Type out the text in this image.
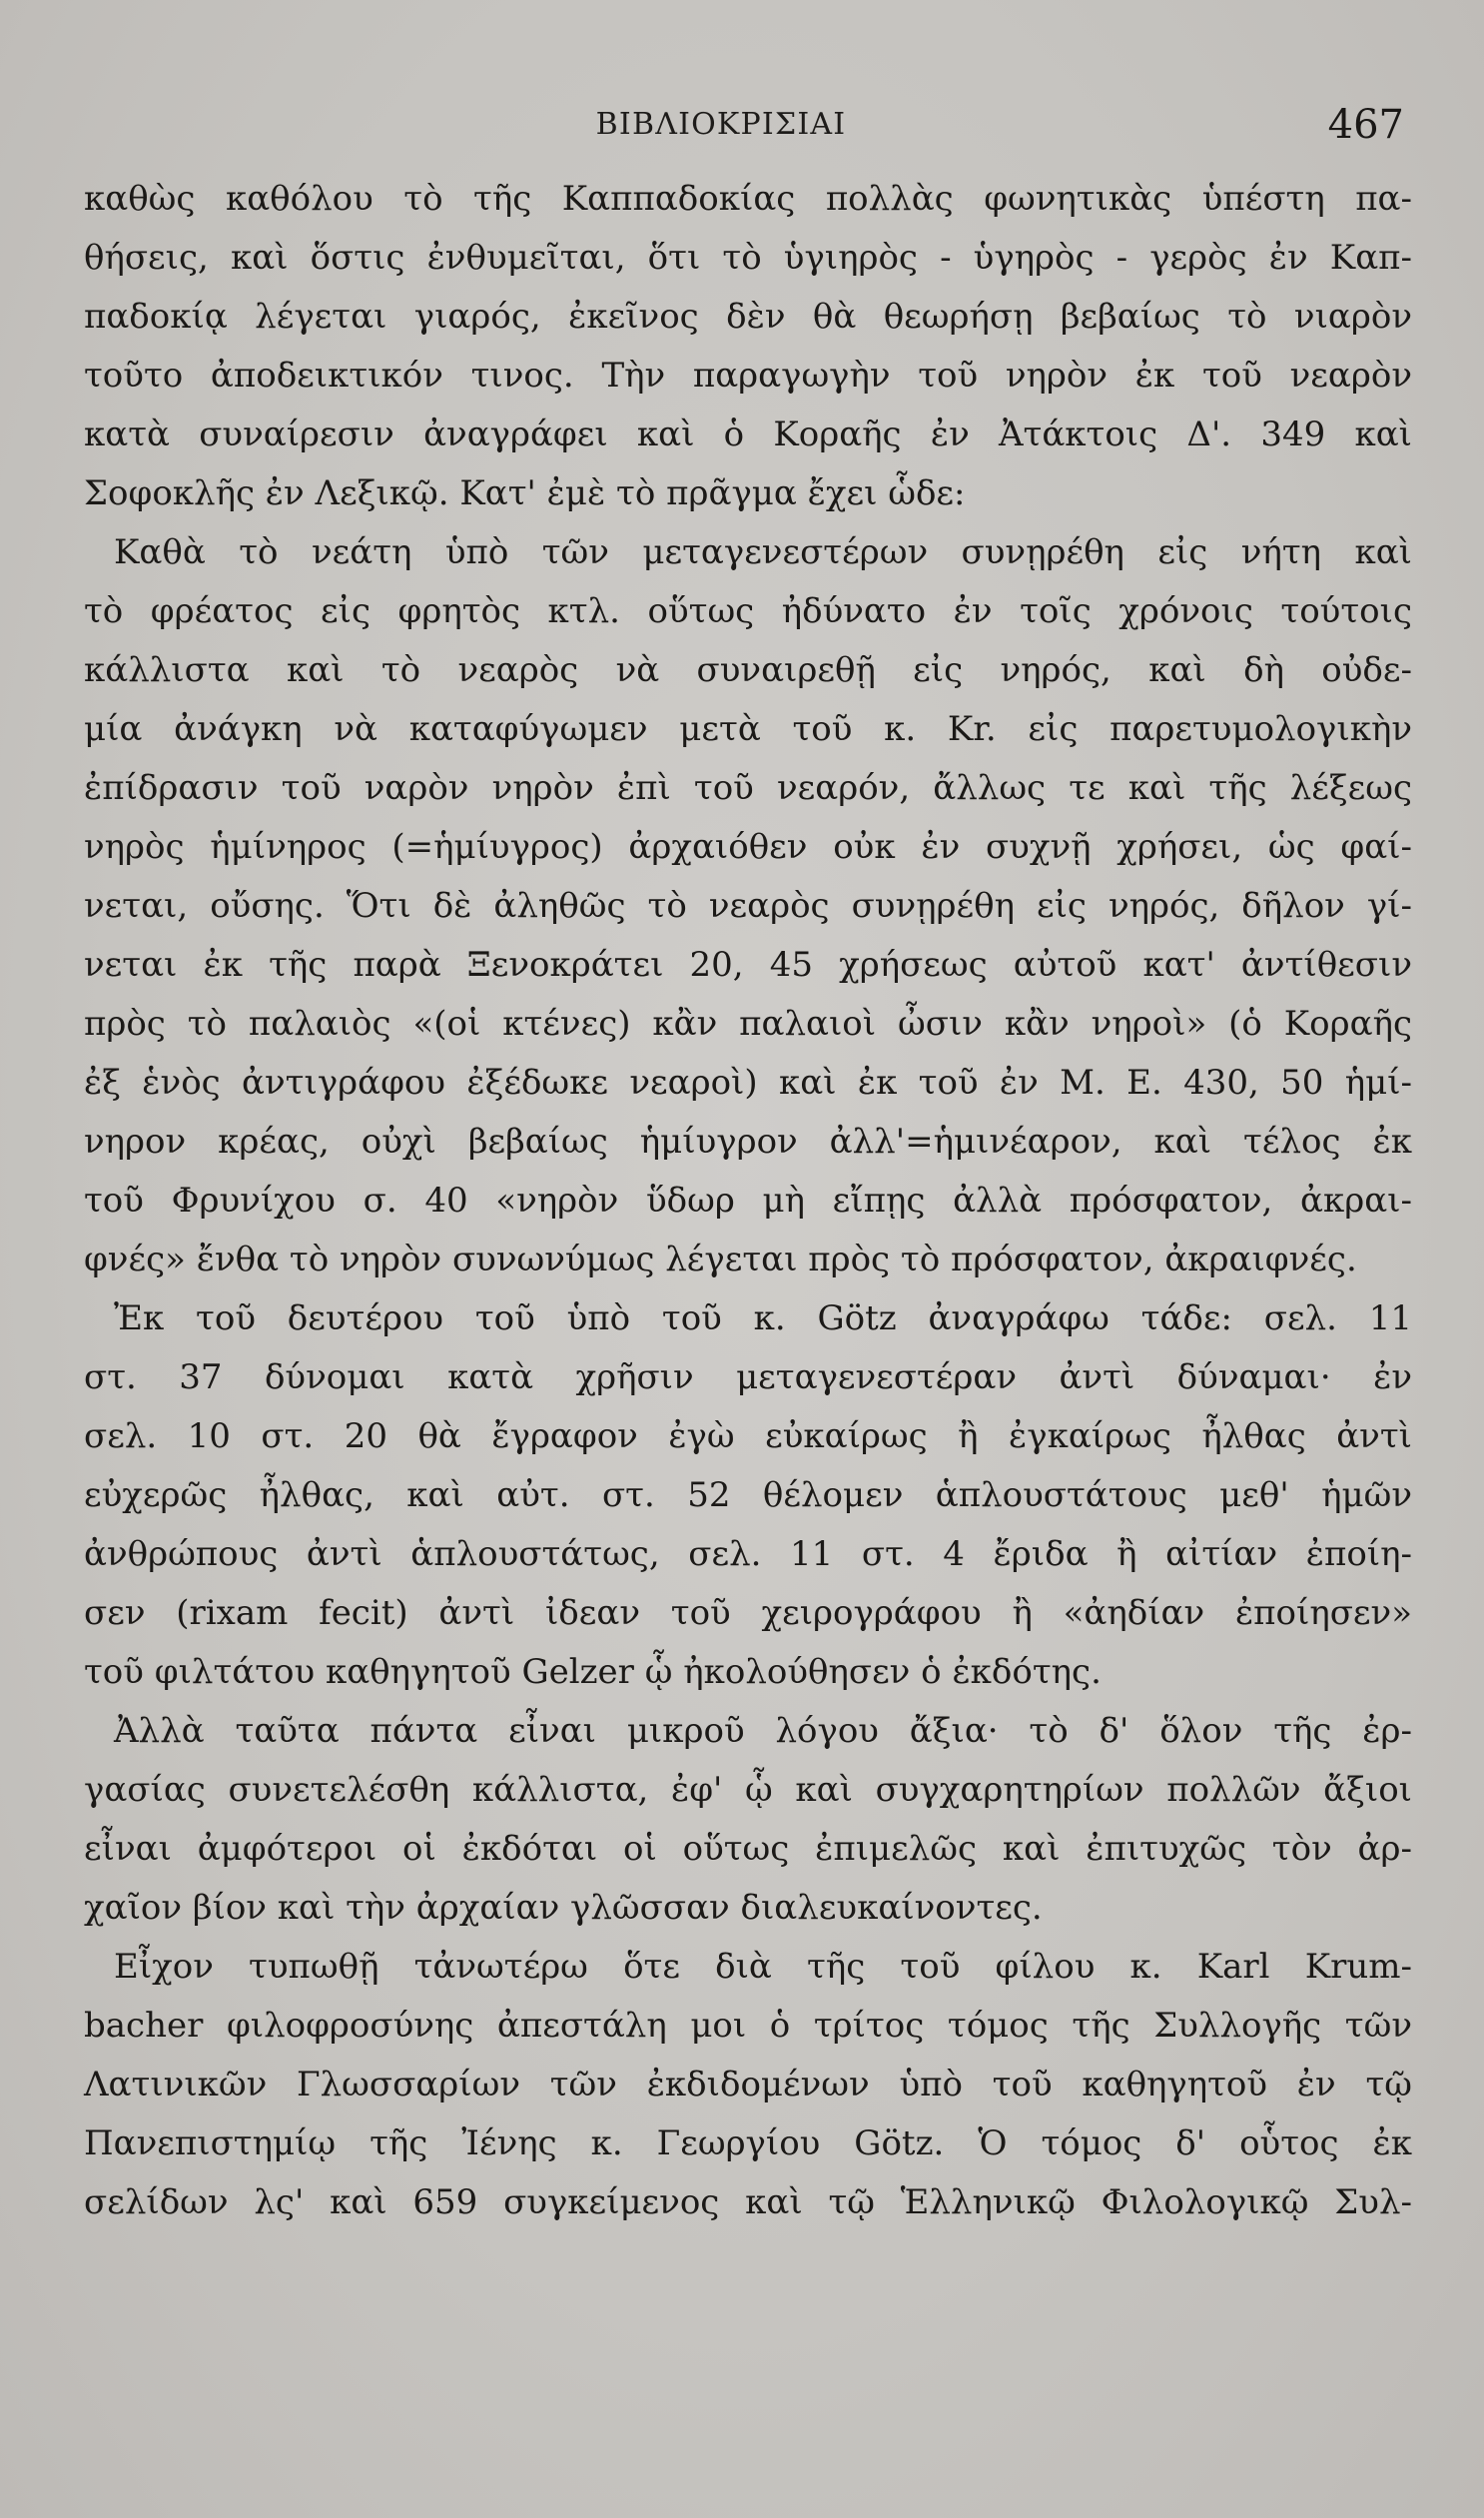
ΒΙΒΛΙΟΚΡΙΣΙΑΙ	467
καθὼς καθόλου τὸ τῆς Καππαδοκίας πολλὰς φωνητικὰς ὑπέστη πα-
θήσεις, καὶ ὅστις ἐνθυμεῖται, ὅτι τὸ ὑγιηρὸς - ὑγηρὸς - γερὸς ἐν Καπ-
παδοκίᾳ λέγεται γιαρός, ἐκεῖνος δὲν θὰ θεωρήσῃ βεβαίως τὸ νιαρὸν
τοῦτο ἀποδεικτικόν τινος. Τὴν παραγωγὴν τοῦ νηρὸν ἐκ τοῦ νεαρὸν
κατὰ συναίρεσιν ἀναγράφει καὶ ὁ Κοραῆς ἐν Ἀτάκτοις Δ'. 349 καὶ
Σοφοκλῆς ἐν Λεξικῷ. Κατ' ἐμὲ τὸ πρᾶγμα ἔχει ὧδε:
Καθὰ τὸ νεάτη ὑπὸ τῶν μεταγενεστέρων συνῃρέθη εἰς νήτη καὶ
τὸ φρέατος εἰς φρητὸς κτλ. οὕτως ἠδύνατο ἐν τοῖς χρόνοις τούτοις
κάλλιστα καὶ τὸ νεαρὸς νὰ συναιρεθῇ εἰς νηρός, καὶ δὴ οὐδε-
μία ἀνάγκη νὰ καταφύγωμεν μετὰ τοῦ κ. Kr. εἰς παρετυμολογικὴν
ἐπίδρασιν τοῦ ναρὸν νηρὸν ἐπὶ τοῦ νεαρόν, ἄλλως τε καὶ τῆς λέξεως
νηρὸς ἡμίνηρος (=ἡμίυγρος) ἀρχαιόθεν οὐκ ἐν συχνῇ χρήσει, ὡς φαί-
νεται, οὔσης. Ὅτι δὲ ἀληθῶς τὸ νεαρὸς συνῃρέθη εἰς νηρός, δῆλον γί-
νεται ἐκ τῆς παρὰ Ξενοκράτει 20, 45 χρήσεως αὐτοῦ κατ' ἀντίθεσιν
πρὸς τὸ παλαιὸς «(οἱ κτένες) κἂν παλαιοὶ ὦσιν κἂν νηροὶ» (ὁ Κοραῆς
ἐξ ἑνὸς ἀντιγράφου ἐξέδωκε νεαροὶ) καὶ ἐκ τοῦ ἐν Μ. Ε. 430, 50 ἡμί-
νηρον κρέας, οὐχὶ βεβαίως ἡμίυγρον ἀλλ'=ἡμινέαρον, καὶ τέλος ἐκ
τοῦ Φρυνίχου σ. 40 «νηρὸν ὕδωρ μὴ εἴπῃς ἀλλὰ πρόσφατον, ἀκραι-
φνές» ἔνθα τὸ νηρὸν συνωνύμως λέγεται πρὸς τὸ πρόσφατον, ἀκραιφνές.
Ἐκ τοῦ δευτέρου τοῦ ὑπὸ τοῦ κ. Götz ἀναγράφω τάδε: σελ. 11
στ. 37 δύνομαι κατὰ χρῆσιν μεταγενεστέραν ἀντὶ δύναμαι· ἐν
σελ. 10 στ. 20 θὰ ἔγραφον ἐγὼ εὐκαίρως ἢ ἐγκαίρως ἦλθας ἀντὶ
εὐχερῶς ἦλθας, καὶ αὐτ. στ. 52 θέλομεν ἁπλουστάτους μεθ' ἡμῶν
ἀνθρώπους ἀντὶ ἁπλουστάτως, σελ. 11 στ. 4 ἔριδα ἢ αἰτίαν ἐποίη-
σεν (rixam fecit) ἀντὶ ἰδεαν τοῦ χειρογράφου ἢ «ἀηδίαν ἐποίησεν»
τοῦ φιλτάτου καθηγητοῦ Gelzer ᾧ ἠκολούθησεν ὁ ἐκδότης.
Ἀλλὰ ταῦτα πάντα εἶναι μικροῦ λόγου ἄξια· τὸ δ' ὅλον τῆς ἐρ-
γασίας συνετελέσθη κάλλιστα, ἐφ' ᾧ καὶ συγχαρητηρίων πολλῶν ἄξιοι
εἶναι ἀμφότεροι οἱ ἐκδόται οἱ οὕτως ἐπιμελῶς καὶ ἐπιτυχῶς τὸν ἀρ-
χαῖον βίον καὶ τὴν ἀρχαίαν γλῶσσαν διαλευκαίνοντες.
Εἶχον τυπωθῇ τἀνωτέρω ὅτε διὰ τῆς τοῦ φίλου κ. Karl Krum-
bacher φιλοφροσύνης ἀπεστάλη μοι ὁ τρίτος τόμος τῆς Συλλογῆς τῶν
Λατινικῶν Γλωσσαρίων τῶν ἐκδιδομένων ὑπὸ τοῦ καθηγητοῦ ἐν τῷ
Πανεπιστημίῳ τῆς Ἰένης κ. Γεωργίου Götz. Ὁ τόμος δ' οὗτος ἐκ
σελίδων λς' καὶ 659 συγκείμενος καὶ τῷ Ἑλληνικῷ Φιλολογικῷ Συλ-
